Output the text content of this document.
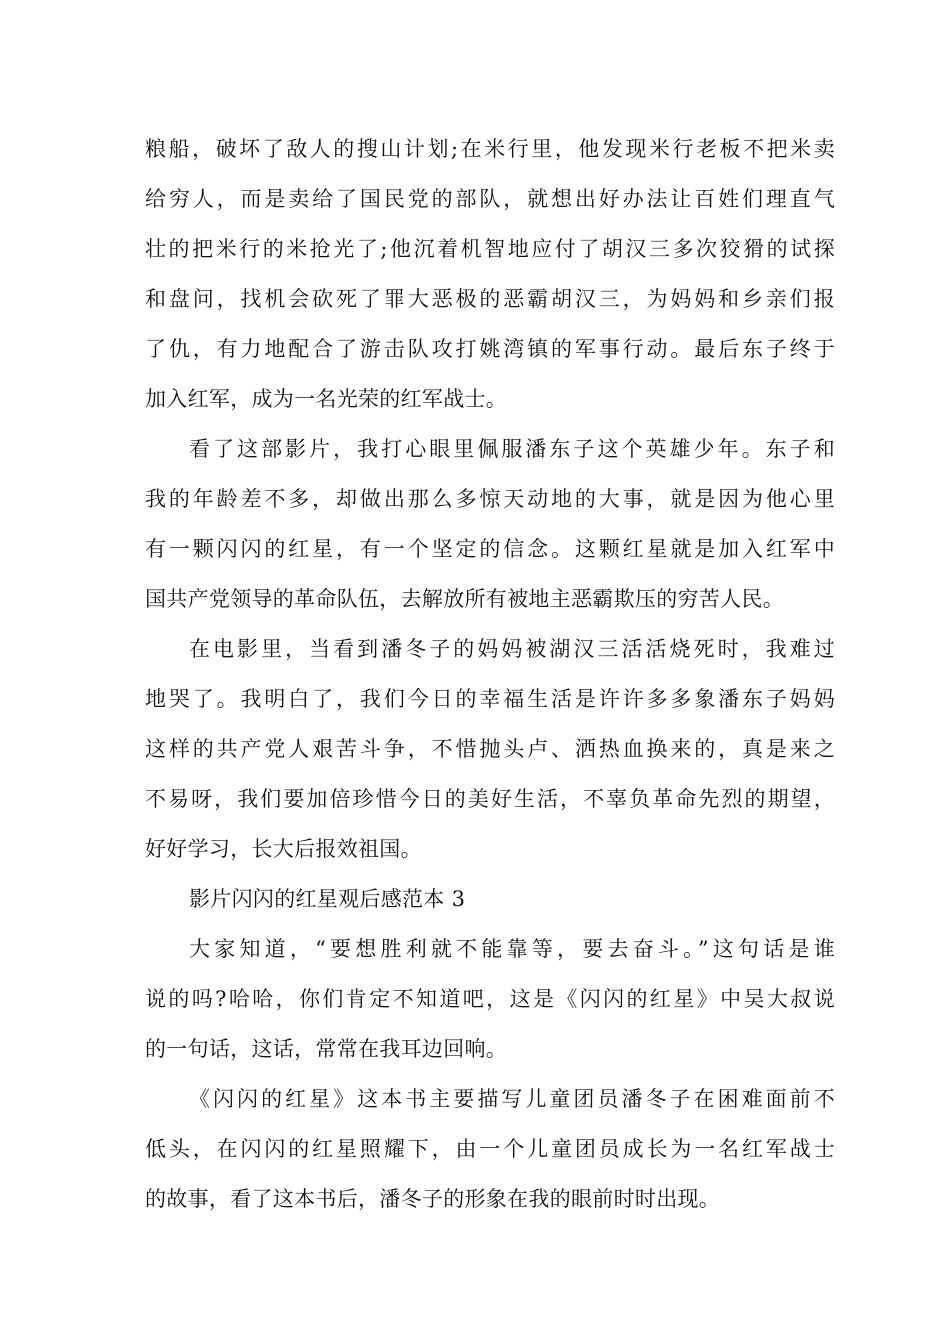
粮船，破坏了敌人的搜山计划;在米行里，他发现米行老板不把米卖
给穷人，而是卖给了国民党的部队，就想出好办法让百姓们理直气
壮的把米行的米抢光了;他沉着机智地应付了胡汉三多次狡猾的试探
和盘问，找机会砍死了罪大恶极的恶霸胡汉三，为妈妈和乡亲们报
了仇，有力地配合了游击队攻打姚湾镇的军事行动。最后东子终于
加入红军，成为一名光荣的红军战士。
看了这部影片，我打心眼里佩服潘东子这个英雄少年。东子和
我的年龄差不多，却做出那么多惊天动地的大事，就是因为他心里
有一颗闪闪的红星，有一个坚定的信念。这颗红星就是加入红军中
国共产党领导的革命队伍，去解放所有被地主恶霸欺压的穷苦人民。
在电影里，当看到潘冬子的妈妈被湖汉三活活烧死时，我难过
地哭了。我明白了，我们今日的幸福生活是许许多多象潘东子妈妈
这样的共产党人艰苦斗争，不惜抛头卢、洒热血换来的，真是来之
不易呀，我们要加倍珍惜今日的美好生活，不辜负革命先烈的期望，
好好学习，长大后报效祖国。
影片闪闪的红星观后感范本 3
大家知道，“要想胜利就不能靠等，要去奋斗。”这句话是谁
说的吗?哈哈，你们肯定不知道吧，这是《闪闪的红星》中吴大叔说
的一句话，这话，常常在我耳边回响。
《闪闪的红星》这本书主要描写儿童团员潘冬子在困难面前不
低头，在闪闪的红星照耀下，由一个儿童团员成长为一名红军战士
的故事，看了这本书后，潘冬子的形象在我的眼前时时出现。
